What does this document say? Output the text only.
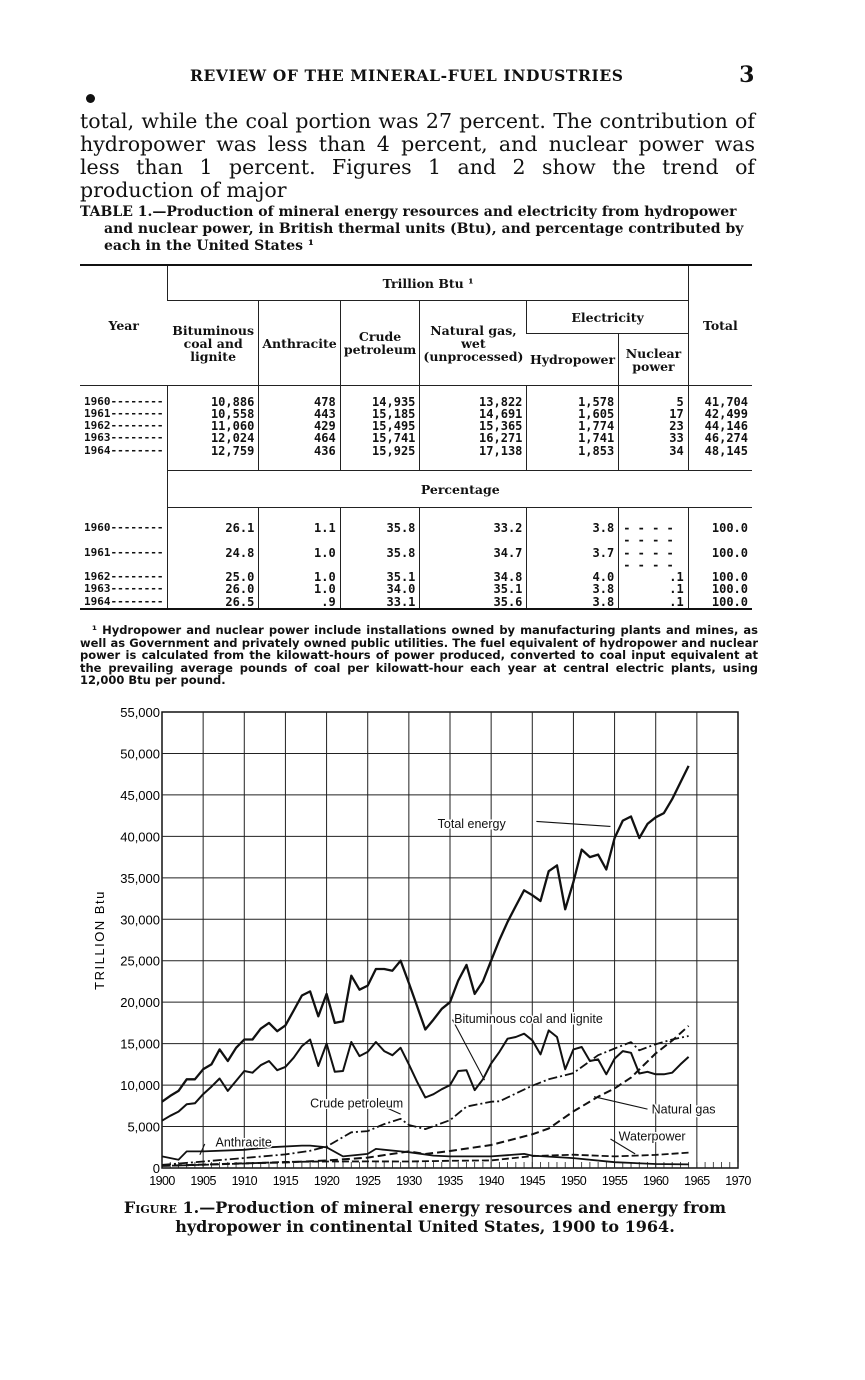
REVIEW OF THE MINERAL-FUEL INDUSTRIES	3
total, while the coal portion was 27 percent. The contribution of hydropower was less than 4 percent, and nuclear power was less than 1 percent. Figures 1 and 2 show the trend of production of major
TABLE 1.—Production of mineral energy resources and electricity from hydropower and nuclear power, in British thermal units (Btu), and percentage contributed by each in the United States ¹
Year	Trillion Btu ¹						Total
	Bituminous coal and lignite	Anthracite	Crude petroleum	Natural gas, wet (unprocessed)	Electricity		
					Hydropower	Nuclear power	

1960--------	10,886	478	14,935	13,822	1,578	5	41,704
1961--------	10,558	443	15,185	14,691	1,605	17	42,499
1962--------	11,060	429	15,495	15,365	1,774	23	44,146
1963--------	12,024	464	15,741	16,271	1,741	33	46,274
1964--------	12,759	436	15,925	17,138	1,853	34	48,145

	Percentage						

1960--------	26.1	1.1	35.8	33.2	3.8	- - - - - - - -	100.0
1961--------	24.8	1.0	35.8	34.7	3.7	- - - - - - - -	100.0
1962--------	25.0	1.0	35.1	34.8	4.0	.1	100.0
1963--------	26.0	1.0	34.0	35.1	3.8	.1	100.0
1964--------	26.5	.9	33.1	35.6	3.8	.1	100.0
¹ Hydropower and nuclear power include installations owned by manufacturing plants and mines, as well as Government and privately owned public utilities. The fuel equivalent of hydropower and nuclear power is calculated from the kilowatt-hours of power produced, converted to coal input equivalent at the prevailing average pounds of coal per kilowatt-hour each year at central electric plants, using 12,000 Btu per pound.
0
5,000
10,000
15,000
20,000
25,000
30,000
35,000
40,000
45,000
50,000
55,000
1900 1905 1910 1915 1920 1925 1930 1935 1940 1945 1950 1955 1960 1965 1970
TRILLION Btu
Total energy
Bituminous coal and lignite
Crude petroleum	Natural gas
Anthracite	Waterpower
Figure 1.—Production of mineral energy resources and energy from hydropower in continental United States, 1900 to 1964.
